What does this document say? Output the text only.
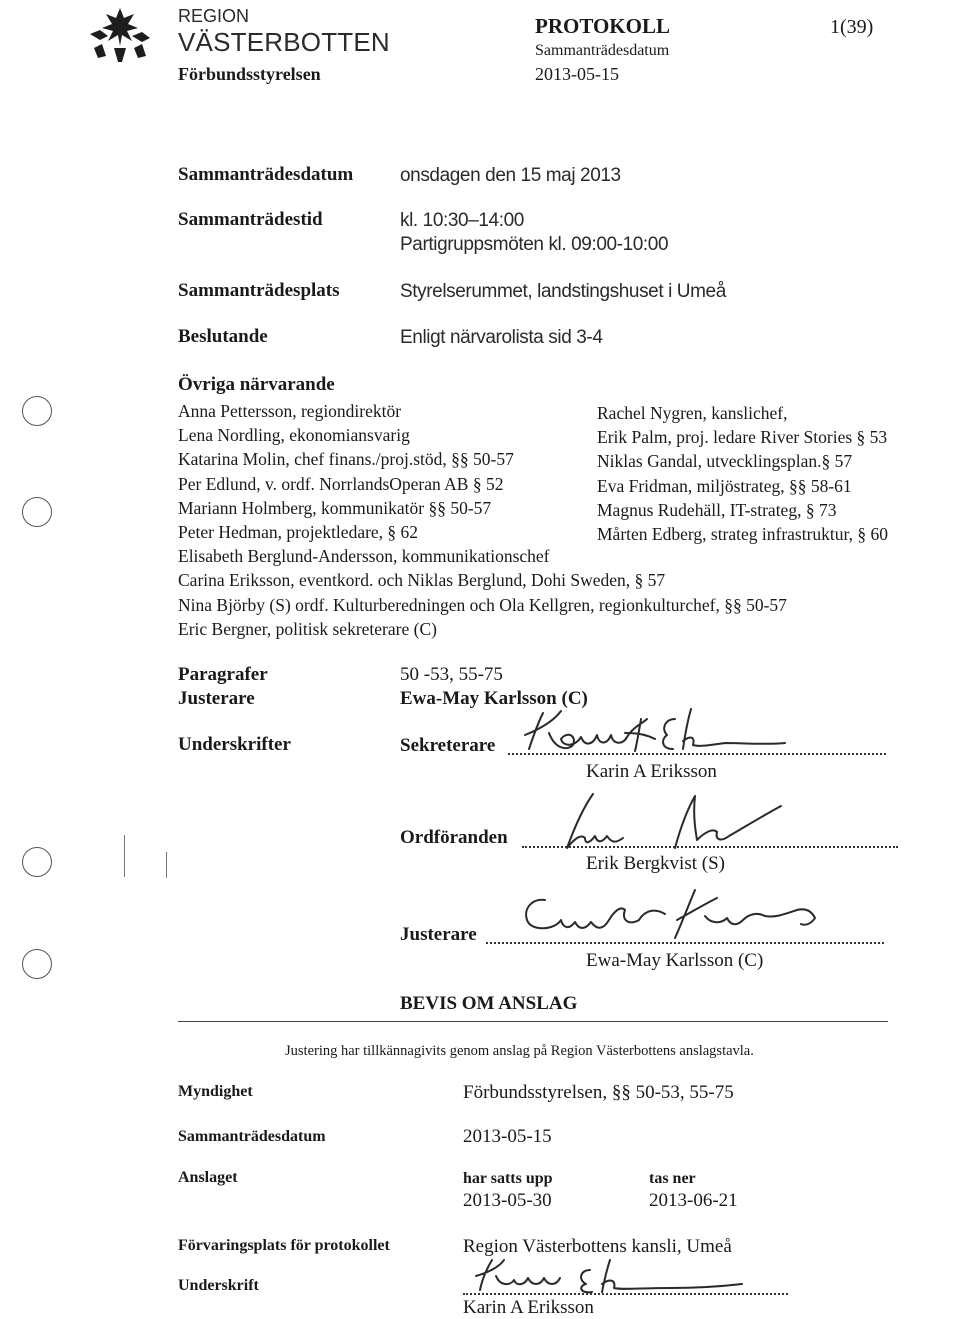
REGION
VÄSTERBOTTEN
Förbundsstyrelsen
PROTOKOLL
Sammanträdesdatum
2013-05-15
1(39)
Sammanträdesdatum onsdagen den 15 maj 2013
Sammanträdestid	kl. 10:30–14:00
Partigruppsmöten kl. 09:00-10:00
Sammanträdesplats	Styrelserummet, landstingshuset i Umeå
Beslutande	Enligt närvarolista sid 3-4
Övriga närvarande
Anna Pettersson, regiondirektör
Lena Nordling, ekonomiansvarig
Katarina Molin, chef finans./proj.stöd, §§ 50-57
Per Edlund, v. ordf. NorrlandsOperan AB § 52
Mariann Holmberg, kommunikatör §§ 50-57
Peter Hedman, projektledare, § 62
Elisabeth Berglund-Andersson, kommunikationschef
Carina Eriksson, eventkord. och Niklas Berglund, Dohi Sweden, § 57
Nina Björby (S) ordf. Kulturberedningen och Ola Kellgren, regionkulturchef, §§ 50-57
Eric Bergner, politisk sekreterare (C)
Rachel Nygren, kanslichef,
Erik Palm, proj. ledare River Stories § 53
Niklas Gandal, utvecklingsplan.§ 57
Eva Fridman, miljöstrateg, §§ 58-61
Magnus Rudehäll, IT-strateg, § 73
Mårten Edberg, strateg infrastruktur, § 60
Paragrafer	50 -53, 55-75
Justerare	Ewa-May Karlsson (C)
Underskrifter	Sekreterare
Karin A Eriksson
Ordföranden
Erik Bergkvist (S)
Justerare
Ewa-May Karlsson (C)
BEVIS OM ANSLAG
Justering har tillkännagivits genom anslag på Region Västerbottens anslagstavla.
Myndighet	Förbundsstyrelsen, §§ 50-53, 55-75
Sammanträdesdatum	2013-05-15
Anslaget	har satts upp
2013-05-30
tas ner
2013-06-21
Förvaringsplats för protokollet	Region Västerbottens kansli, Umeå
Underskrift
Karin A Eriksson
